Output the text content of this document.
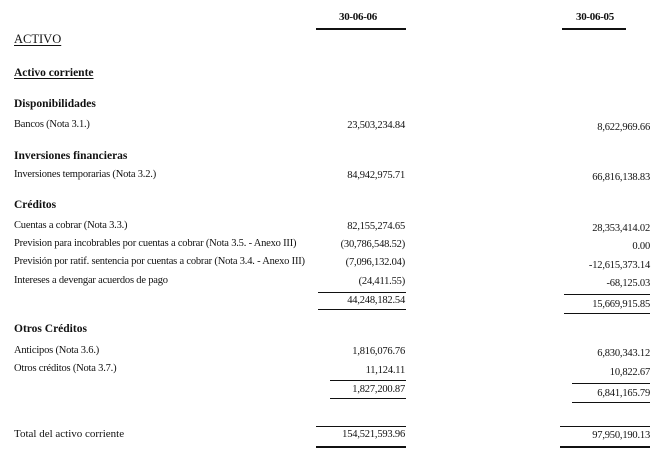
30-06-06	30-06-05
ACTIVO
Activo corriente
Disponibilidades
Bancos (Nota 3.1.)	23,503,234.84	8,622,969.66
Inversiones financieras
Inversiones temporarias (Nota 3.2.)	84,942,975.71	66,816,138.83
Créditos
Cuentas a cobrar (Nota 3.3.)	82,155,274.65	28,353,414.02
Prevision para incobrables por cuentas a cobrar (Nota 3.5. - Anexo III)	(30,786,548.52)	0.00
Previsión por ratif. sentencia por cuentas a cobrar (Nota 3.4. - Anexo III)	(7,096,132.04)	-12,615,373.14
Intereses a devengar acuerdos de pago	(24,411.55)	-68,125.03
44,248,182.54	15,669,915.85
Otros Créditos
Anticipos (Nota 3.6.)	1,816,076.76	6,830,343.12
Otros créditos (Nota 3.7.)	11,124.11	10,822.67
1,827,200.87	6,841,165.79
Total del activo corriente	154,521,593.96	97,950,190.13
